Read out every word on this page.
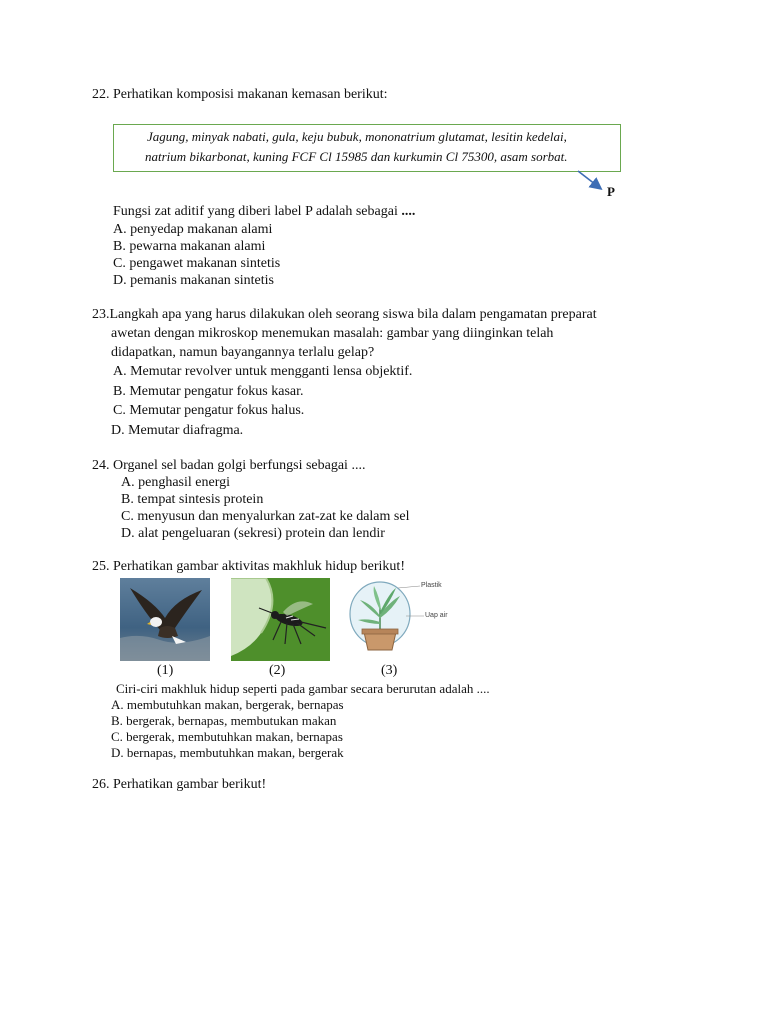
22. Perhatikan komposisi makanan kemasan berikut:
Jagung, minyak nabati, gula, keju bubuk, mononatrium glutamat, lesitin kedelai,
natrium bikarbonat, kuning FCF Cl 15985 dan kurkumin Cl 75300, asam sorbat.
P
Fungsi zat aditif yang diberi label P adalah sebagai ....
A. penyedap makanan alami
B. pewarna makanan alami
C. pengawet makanan sintetis
D. pemanis makanan sintetis
23.Langkah apa yang harus dilakukan oleh seorang siswa bila dalam pengamatan preparat
awetan dengan mikroskop menemukan masalah: gambar yang diinginkan telah
didapatkan, namun bayangannya terlalu gelap?
A. Memutar revolver untuk mengganti lensa objektif.
B. Memutar pengatur fokus kasar.
C. Memutar pengatur fokus halus.
D. Memutar diafragma.
24. Organel sel badan golgi berfungsi sebagai ....
A. penghasil energi
B. tempat sintesis protein
C. menyusun dan menyalurkan zat-zat ke dalam sel
D. alat pengeluaran (sekresi) protein dan lendir
25. Perhatikan gambar aktivitas makhluk hidup berikut!
Plastik
Uap air
(1)	(2)	(3)
Ciri-ciri makhluk hidup seperti pada gambar secara berurutan adalah ....
A. membutuhkan makan, bergerak, bernapas
B. bergerak, bernapas, membutukan makan
C. bergerak, membutuhkan makan, bernapas
D. bernapas, membutuhkan makan, bergerak
26. Perhatikan gambar berikut!
